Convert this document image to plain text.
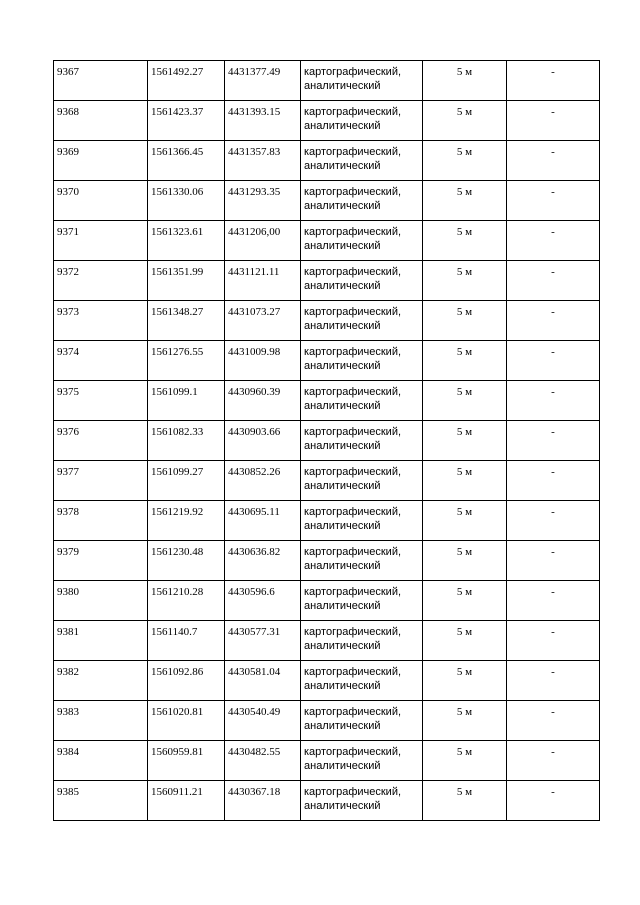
9367	1561492.27	4431377.49	картографический, аналитический	5 м	-
9368	1561423.37	4431393.15	картографический, аналитический	5 м	-
9369	1561366.45	4431357.83	картографический, аналитический	5 м	-
9370	1561330.06	4431293.35	картографический, аналитический	5 м	-
9371	1561323.61	4431206,00	картографический, аналитический	5 м	-
9372	1561351.99	4431121.11	картографический, аналитический	5 м	-
9373	1561348.27	4431073.27	картографический, аналитический	5 м	-
9374	1561276.55	4431009.98	картографический, аналитический	5 м	-
9375	1561099.1	4430960.39	картографический, аналитический	5 м	-
9376	1561082.33	4430903.66	картографический, аналитический	5 м	-
9377	1561099.27	4430852.26	картографический, аналитический	5 м	-
9378	1561219.92	4430695.11	картографический, аналитический	5 м	-
9379	1561230.48	4430636.82	картографический, аналитический	5 м	-
9380	1561210.28	4430596.6	картографический, аналитический	5 м	-
9381	1561140.7	4430577.31	картографический, аналитический	5 м	-
9382	1561092.86	4430581.04	картографический, аналитический	5 м	-
9383	1561020.81	4430540.49	картографический, аналитический	5 м	-
9384	1560959.81	4430482.55	картографический, аналитический	5 м	-
9385	1560911.21	4430367.18	картографический, аналитический	5 м	-
